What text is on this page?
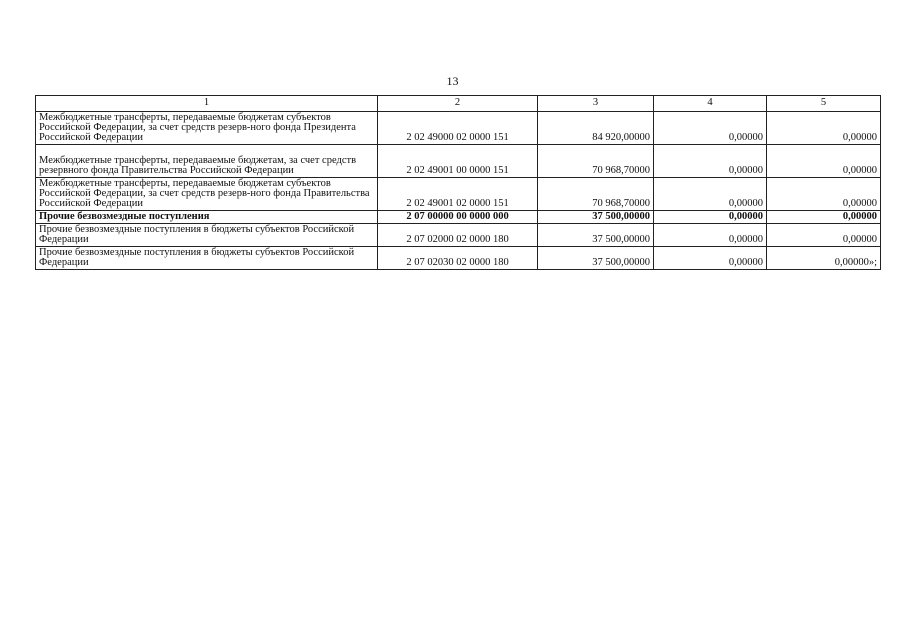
13
1	2	3	4	5
Межбюджетные трансферты, передаваемые бюджетам субъектов Российской Федерации, за счет средств резерв-ного фонда Президента Российской Федерации	2 02 49000 02 0000 151	84 920,00000	0,00000	0,00000
Межбюджетные трансферты, передаваемые бюджетам, за счет средств резервного фонда Правительства Российской Федерации	2 02 49001 00 0000 151	70 968,70000	0,00000	0,00000
Межбюджетные трансферты, передаваемые бюджетам субъектов Российской Федерации, за счет средств резерв-ного фонда Правительства Российской Федерации	2 02 49001 02 0000 151	70 968,70000	0,00000	0,00000
Прочие безвозмездные поступления	2 07 00000 00 0000 000	37 500,00000	0,00000	0,00000
Прочие безвозмездные поступления в бюджеты субъектов Российской Федерации	2 07 02000 02 0000 180	37 500,00000	0,00000	0,00000
Прочие безвозмездные поступления в бюджеты субъектов Российской Федерации	2 07 02030 02 0000 180	37 500,00000	0,00000	0,00000»;
